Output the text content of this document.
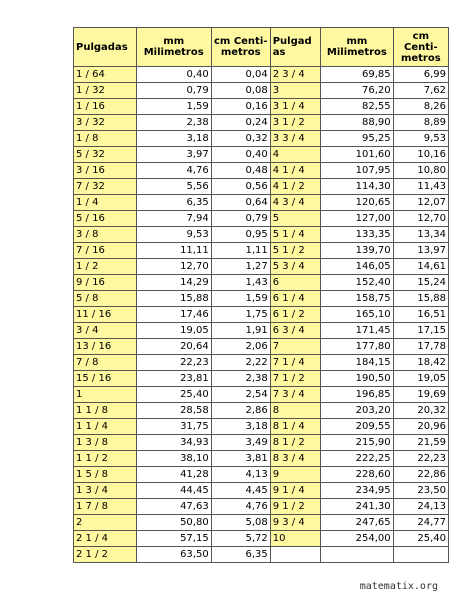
Pulgadas	mm Milimetros	cm Centi-metros	Pulgad as	mm Milimetros	cm Centi-metros
1 / 64	0,40	0,04	2 3 / 4	69,85	6,99
1 / 32	0,79	0,08	3	76,20	7,62
1 / 16	1,59	0,16	3 1 / 4	82,55	8,26
3 / 32	2,38	0,24	3 1 / 2	88,90	8,89
1 / 8	3,18	0,32	3 3 / 4	95,25	9,53
5 / 32	3,97	0,40	4	101,60	10,16
3 / 16	4,76	0,48	4 1 / 4	107,95	10,80
7 / 32	5,56	0,56	4 1 / 2	114,30	11,43
1 / 4	6,35	0,64	4 3 / 4	120,65	12,07
5 / 16	7,94	0,79	5	127,00	12,70
3 / 8	9,53	0,95	5 1 / 4	133,35	13,34
7 / 16	11,11	1,11	5 1 / 2	139,70	13,97
1 / 2	12,70	1,27	5 3 / 4	146,05	14,61
9 / 16	14,29	1,43	6	152,40	15,24
5 / 8	15,88	1,59	6 1 / 4	158,75	15,88
11 / 16	17,46	1,75	6 1 / 2	165,10	16,51
3 / 4	19,05	1,91	6 3 / 4	171,45	17,15
13 / 16	20,64	2,06	7	177,80	17,78
7 / 8	22,23	2,22	7 1 / 4	184,15	18,42
15 / 16	23,81	2,38	7 1 / 2	190,50	19,05
1	25,40	2,54	7 3 / 4	196,85	19,69
1 1 / 8	28,58	2,86	8	203,20	20,32
1 1 / 4	31,75	3,18	8 1 / 4	209,55	20,96
1 3 / 8	34,93	3,49	8 1 / 2	215,90	21,59
1 1 / 2	38,10	3,81	8 3 / 4	222,25	22,23
1 5 / 8	41,28	4,13	9	228,60	22,86
1 3 / 4	44,45	4,45	9 1 / 4	234,95	23,50
1 7 / 8	47,63	4,76	9 1 / 2	241,30	24,13
2	50,80	5,08	9 3 / 4	247,65	24,77
2 1 / 4	57,15	5,72	10	254,00	25,40
2 1 / 2	63,50	6,35			
matematix.org
